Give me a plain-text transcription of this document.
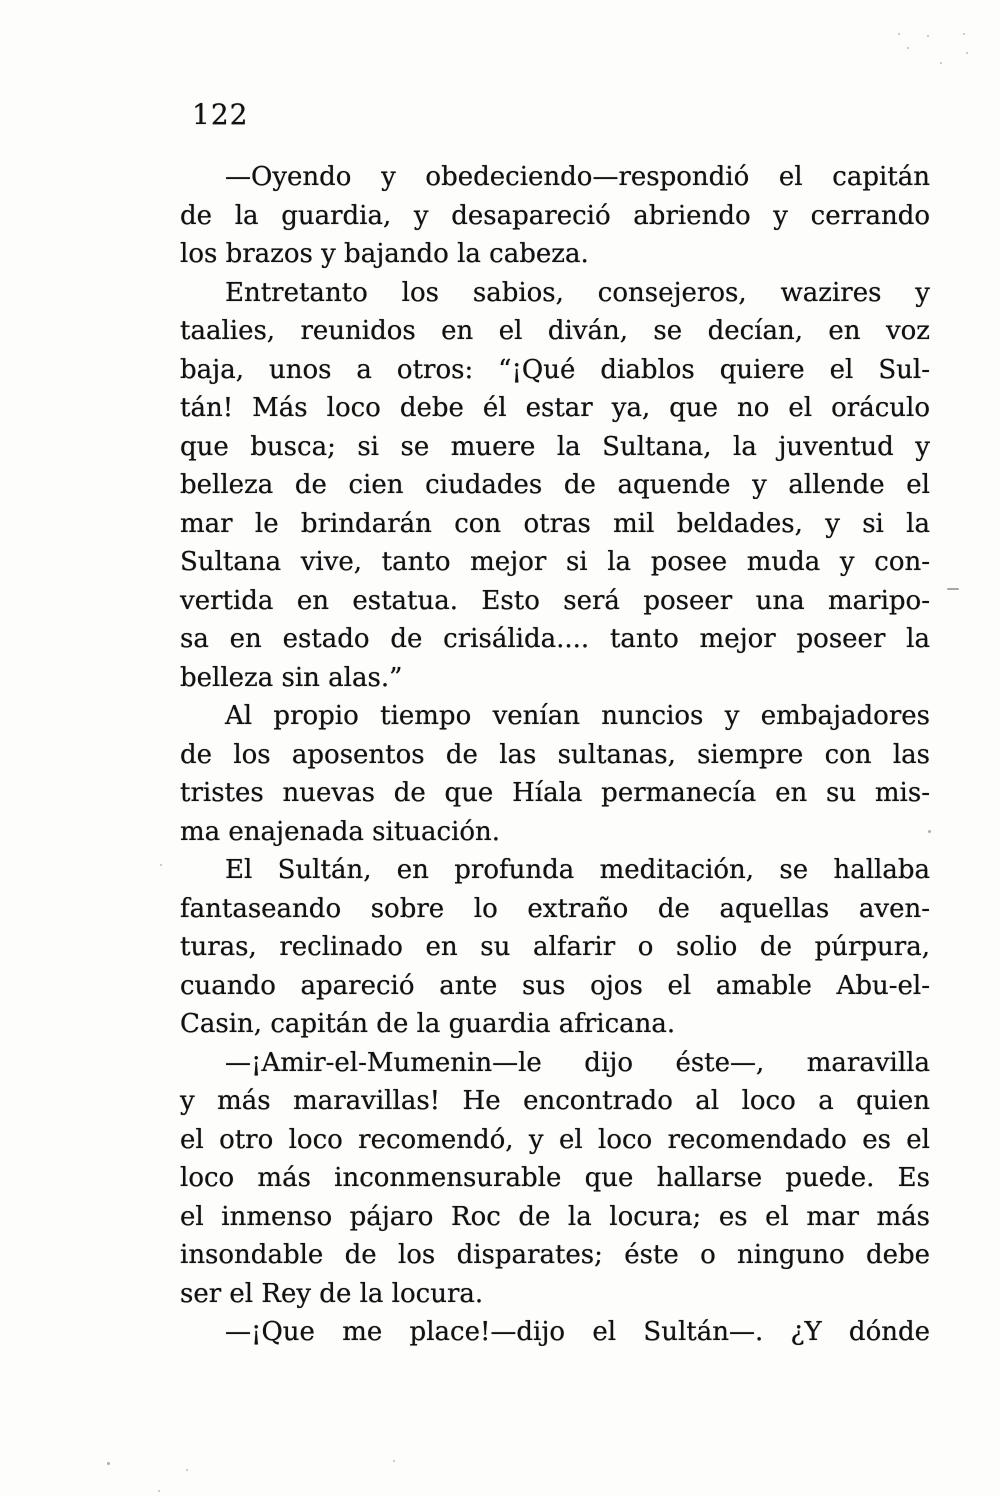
122

—Oyendo y obedeciendo—respondió el capitán
de la guardia, y desapareció abriendo y cerrando
los brazos y bajando la cabeza.

Entretanto los sabios, consejeros, wazires y
taalies, reunidos en el diván, se decían, en voz
baja, unos a otros: “¡Qué diablos quiere el Sul-
tán! Más loco debe él estar ya, que no el oráculo
que busca; si se muere la Sultana, la juventud y
belleza de cien ciudades de aquende y allende el
mar le brindarán con otras mil beldades, y si la
Sultana vive, tanto mejor si la posee muda y con-
vertida en estatua. Esto será poseer una maripo-
sa en estado de crisálida.... tanto mejor poseer la
belleza sin alas.”

Al propio tiempo venían nuncios y embajadores
de los aposentos de las sultanas, siempre con las
tristes nuevas de que Híala permanecía en su mis-
ma enajenada situación.

El Sultán, en profunda meditación, se hallaba
fantaseando sobre lo extraño de aquellas aven-
turas, reclinado en su alfarir o solio de púrpura,
cuando apareció ante sus ojos el amable Abu-el-
Casin, capitán de la guardia africana.

—¡Amir-el-Mumenin—le dijo éste—, maravilla
y más maravillas! He encontrado al loco a quien
el otro loco recomendó, y el loco recomendado es el
loco más inconmensurable que hallarse puede. Es
el inmenso pájaro Roc de la locura; es el mar más
insondable de los disparates; éste o ninguno debe
ser el Rey de la locura.

—¡Que me place!—dijo el Sultán—. ¿Y dónde
